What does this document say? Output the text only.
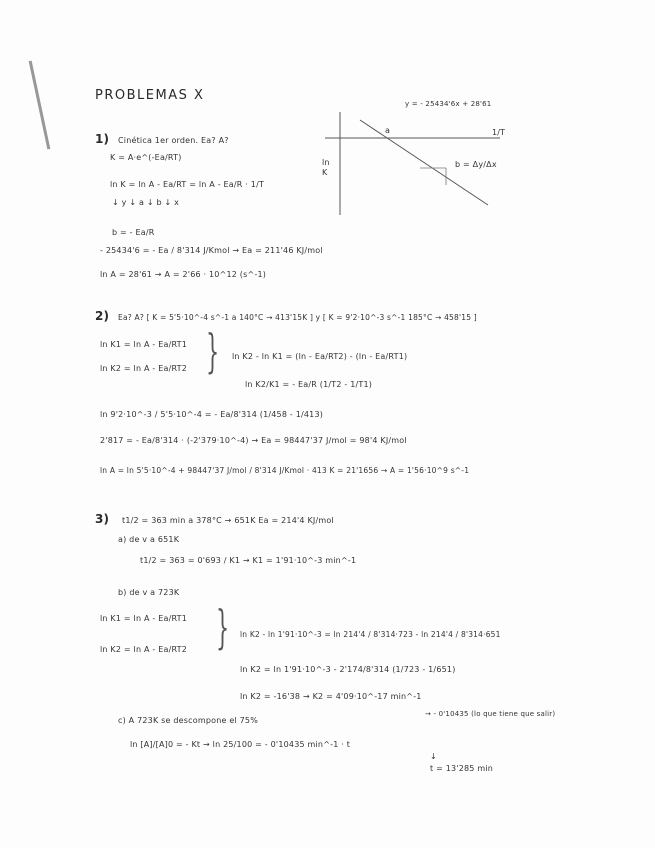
PROBLEMAS X
y = - 25434'6x + 28'61
ln
K
1/T
a
b = Δy/Δx
1) Cinética 1er orden. Ea? A?
K = A·e^(-Ea/RT)
ln K = ln A - Ea/RT = ln A - Ea/R · 1/T
↓ y ↓ a ↓ b ↓ x
b = - Ea/R
- 25434'6 = - Ea / 8'314 J/Kmol → Ea = 211'46 KJ/mol
ln A = 28'61 → A = 2'66 · 10^12 (s^-1)
2) Ea? A? [ K = 5'5·10^-4 s^-1 a 140°C → 413'15K ] y [ K = 9'2·10^-3 s^-1 185°C → 458'15 ]
ln K1 = ln A - Ea/RT1
ln K2 = ln A - Ea/RT2 } ln K2 - ln K1 = (ln - Ea/RT2) - (ln - Ea/RT1)
ln K2/K1 = - Ea/R (1/T2 - 1/T1)
ln 9'2·10^-3 / 5'5·10^-4 = - Ea/8'314 (1/458 - 1/413)
2'817 = - Ea/8'314 · (-2'379·10^-4) → Ea = 98447'37 J/mol = 98'4 KJ/mol
ln A = ln 5'5·10^-4 + 98447'37 J/mol / 8'314 J/Kmol · 413 K = 21'1656 → A = 1'56·10^9 s^-1
3) t1/2 = 363 min a 378°C → 651K Ea = 214'4 KJ/mol
a) de v a 651K
t1/2 = 363 = 0'693 / K1 → K1 = 1'91·10^-3 min^-1
b) de v a 723K
ln K1 = ln A - Ea/RT1
ln K2 = ln A - Ea/RT2 } ln K2 - ln 1'91·10^-3 = ln 214'4 / 8'314·723 - ln 214'4 / 8'314·651
ln K2 = ln 1'91·10^-3 - 2'174/8'314 (1/723 - 1/651)
ln K2 = -16'38 → K2 = 4'09·10^-17 min^-1
c) A 723K se descompone el 75%
→ - 0'10435 (lo que tiene que salir)
ln [A]/[A]0 = - Kt → ln 25/100 = - 0'10435 min^-1 · t
↓
t = 13'285 min
